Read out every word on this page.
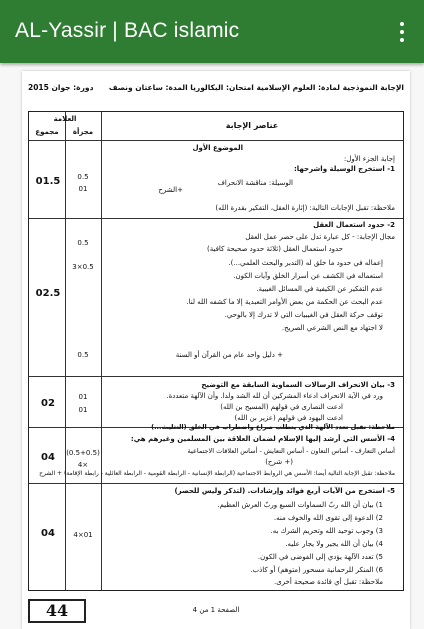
AL-Yassir | BAC islamic
الإجابة النموذجية لمادة: العلوم الإسلامية امتحان: البكالوريا المدة: ساعتان ونصف
دورة: جوان 2015
العلامة
مجزأة
مجموع
عناصر الإجابة
الموضوع الأول
إجابة الجزء الأول:
1- استخرج الوسيلة واشرحها:
الوسيلة: مناقشة الانحراف
+الشرح
ملاحظة: تقبل الإجابات التالية: (إثارة العقل، التفكير بقدرة الله)
0.5
01
01.5
2- حدود استعمال العقل
مجال الإجابة: - كل عبارة تدل على حصر عمل العقل
حدود استعمال العقل (ثلاثة حدود صحيحة كافية)
إعماله في حدود ما خلق له (التدبر والبحث العلمي...).
استعماله في الكشف عن أسرار الخلق وآيات الكون.
عدم التفكير عن الكيفية في المسائل الغيبية.
عدم البحث عن الحكمة من بعض الأوامر التعبدية إلا ما كشفه الله لنا.
توقف حركة العقل في الغيبيات التي لا تدرك إلا بالوحي.
لا اجتهاد مع النص الشرعي الصريح.
+ دليل واحد عام من القرآن أو السنة
0.5
3×0.5
0.5
02.5
3- بيان الانحراف الرسالات السماوية السابقة مع التوضيح
ورد في الآية الانحراف ادعاء المشركين أن لله الشد ولدا. وأن الآلهة متعددة.
ادعت النصارى في قولهم (المسيح بن الله)
ادعت اليهود في قولهم (عزير بن الله)
ملاحظة: تقبل تعدد الآلهة الذي يتطلب صراع واضطراب في الخلق (التثليث...)
01
01
02
4- الأسس التي أرشد إليها الإسلام لضمان العلاقة بين المسلمين وغيرهم هي:
أساس التعارف - أساس التعاون - أساس التعايش - أساس العلاقات الاجتماعية
(+ شرح)
ملاحظة: تقبل الإجابة التالية أيضا: الأسس هي الروابط الاجتماعية (الرابطة الإنسانية - الرابطة القومية - الرابطة العائلية - رابطة الإقامة) + الشرح
(0.5+0.5)
4×
04
5- استخرج من الآيات أربع فوائد وإرشادات. (لتذكر وليس للحصر)
1) بيان أن الله ربّ السماوات السبع وربّ العرش العظيم.
2) الدعوة إلى تقوى الله والخوف منه.
3) وجوب توحيد الله وتحريم الشرك به.
4) بيان أن الله يجير ولا يجار عليه.
5) تعدد الآلهة يؤدي إلى الفوضى في الكون.
6) المنكر للرحمانية مسحور (متوهم) أو كاذب.
ملاحظة: تقبل أي فائدة صحيحة أخرى.
4×01
04
44	الصفحة 1 من 4
